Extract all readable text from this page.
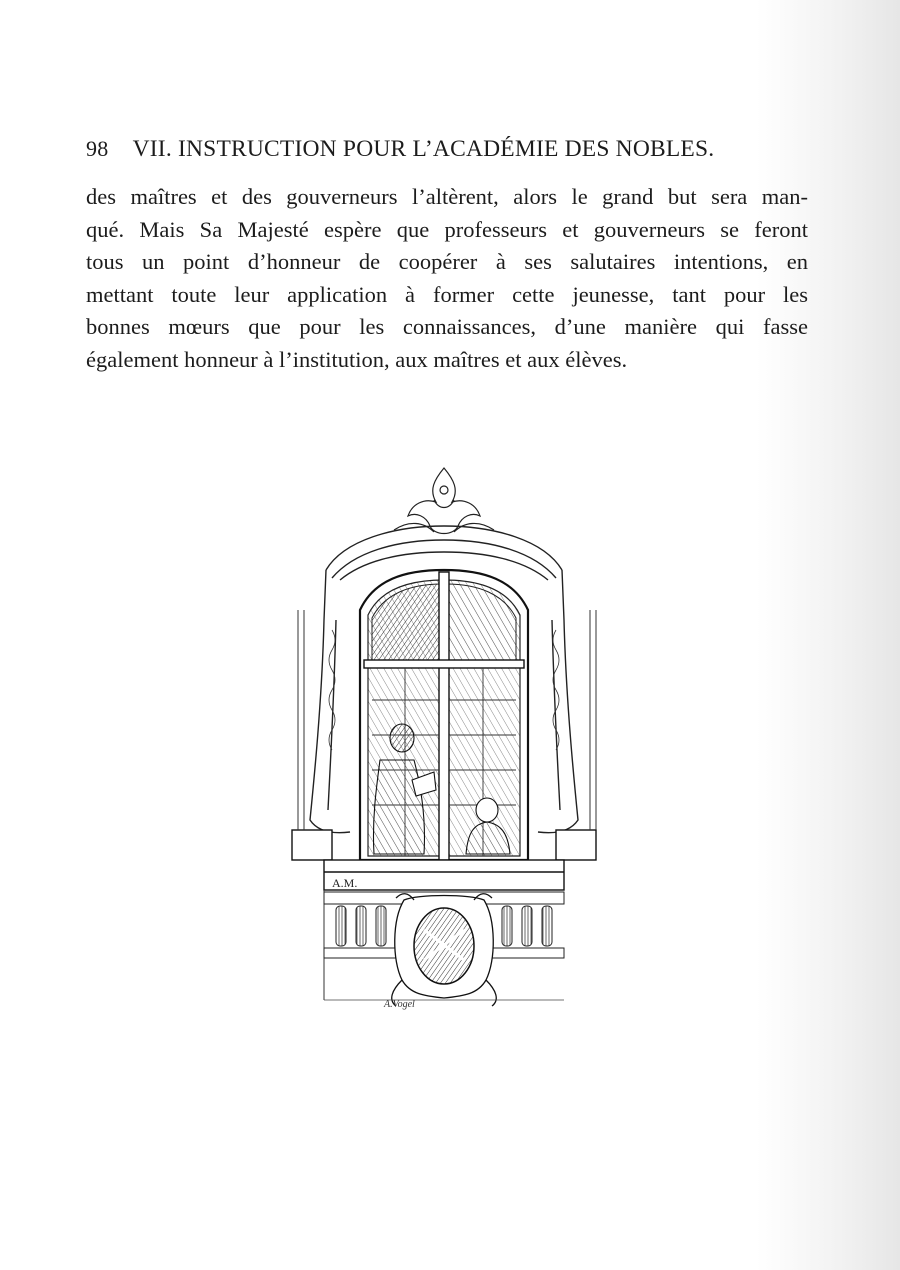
98 VII. INSTRUCTION POUR L’ACADÉMIE DES NOBLES.

des maîtres et des gouverneurs l’altèrent, alors le grand but sera man-
qué. Mais Sa Majesté espère que professeurs et gouverneurs se feront
tous un point d’honneur de coopérer à ses salutaires intentions, en
mettant toute leur application à former cette jeunesse, tant pour les
bonnes mœurs que pour les connaissances, d’une manière qui fasse
également honneur à l’institution, aux maîtres et aux élèves.

A.M.
A.Vogel
